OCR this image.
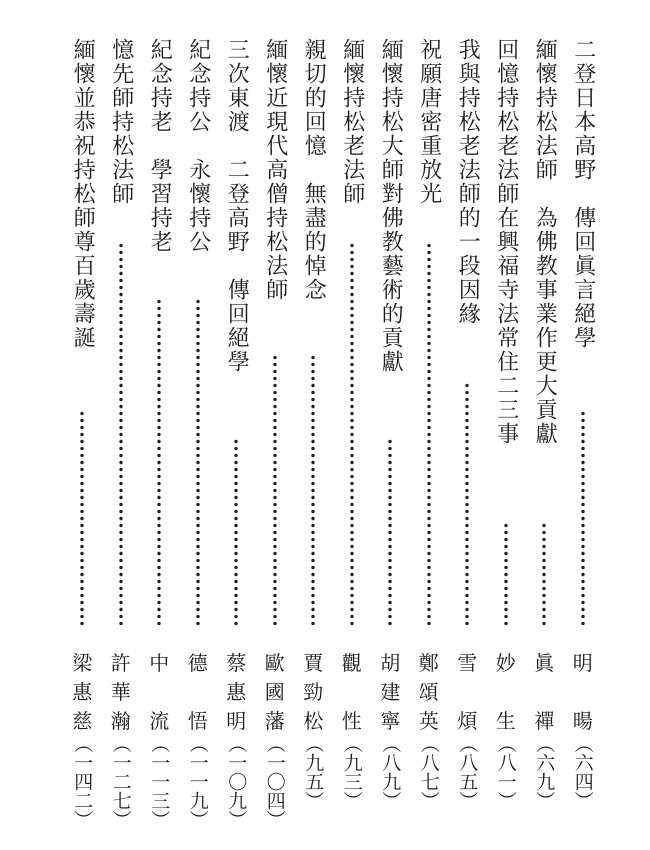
二登日本高野　傳回眞言絕學
明
暘
︵六四︶
緬懷持松法師　為佛教事業作更大貢獻
眞
禪
︵六九︶
回憶持松老法師在興福寺法常住二三事
妙
生
︵八一︶
我與持松老法師的一段因緣
雪
煩
︵八五︶
祝願唐密重放光
鄭
頌
英
︵八七︶
緬懷持松大師對佛教藝術的貢獻
胡
建
寧
︵八九︶
緬懷持松老法師
觀
性
︵九三︶
親切的回憶　無盡的悼念
賈
勁
松
︵九五︶
緬懷近現代高僧持松法師
歐
國
藩
︵一〇四︶
三次東渡　二登高野　傳回絕學
蔡
惠
明
︵一〇九︶
紀念持公　永懷持公
德
悟
︵一一九︶
紀念持老　學習持老
中
流
︵一一三︶
憶先師持松法師
許
華
瀚
︵一二七︶
緬懷並恭祝持松師尊百歲壽誕
梁
惠
慈
︵一四二︶
